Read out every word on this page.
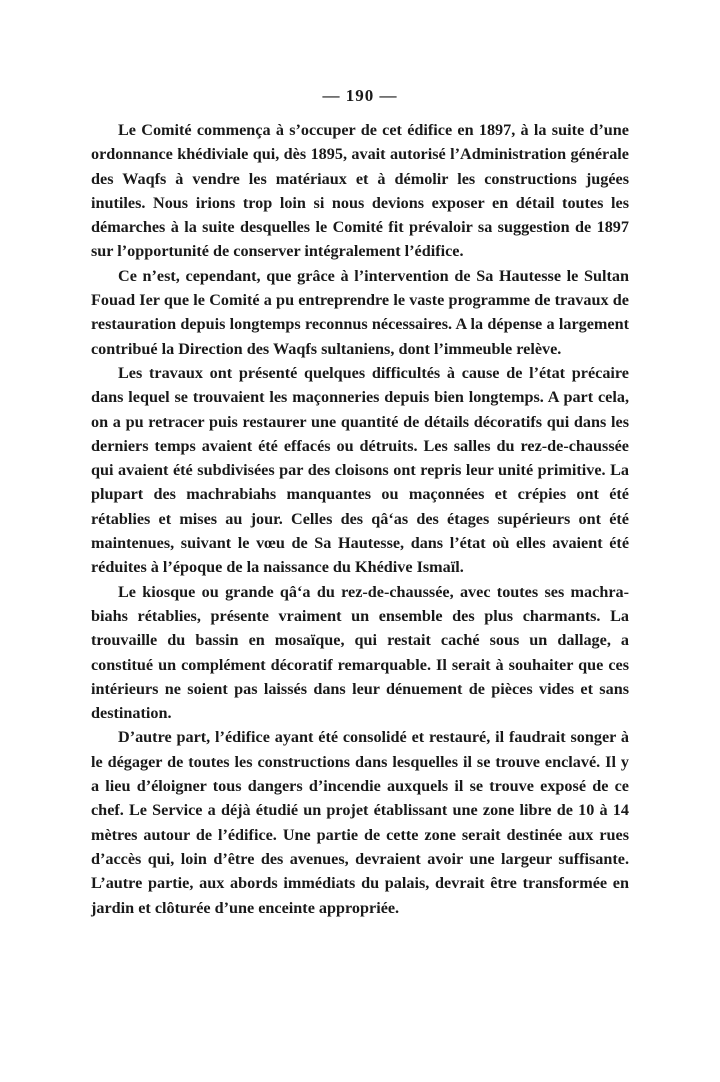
— 190 —

Le Comité commença à s’occuper de cet édifice en 1897, à la suite d’une ordonnance khédiviale qui, dès 1895, avait autorisé l’Administration générale des Waqfs à vendre les matériaux et à démolir les constructions jugées inutiles. Nous irions trop loin si nous devions exposer en détail toutes les démarches à la suite desquelles le Comité fit prévaloir sa suggestion de 1897 sur l’opportunité de conserver intégralement l’édifice.

Ce n’est, cependant, que grâce à l’intervention de Sa Hautesse le Sultan Fouad Ier que le Comité a pu entreprendre le vaste programme de travaux de restauration depuis longtemps reconnus nécessaires. A la dépense a largement contribué la Direction des Waqfs sultaniens, dont l’immeuble relève.

Les travaux ont présenté quelques difficultés à cause de l’état précaire dans lequel se trouvaient les maçonneries depuis bien longtemps. A part cela, on a pu retracer puis restaurer une quantité de détails décoratifs qui dans les derniers temps avaient été effacés ou détruits. Les salles du rez-de-chaussée qui avaient été subdivisées par des cloisons ont repris leur unité primitive. La plupart des machrabiahs manquantes ou maçonnées et crépies ont été rétablies et mises au jour. Celles des qâ‘as des étages supérieurs ont été maintenues, suivant le vœu de Sa Hautesse, dans l’état où elles avaient été réduites à l’époque de la naissance du Khédive Ismaïl.

Le kiosque ou grande qâ‘a du rez-de-chaussée, avec toutes ses machrabiahs rétablies, présente vraiment un ensemble des plus charmants. La trouvaille du bassin en mosaïque, qui restait caché sous un dallage, a constitué un complément décoratif remarquable. Il serait à souhaiter que ces intérieurs ne soient pas laissés dans leur dénuement de pièces vides et sans destination.

D’autre part, l’édifice ayant été consolidé et restauré, il faudrait songer à le dégager de toutes les constructions dans lesquelles il se trouve enclavé. Il y a lieu d’éloigner tous dangers d’incendie auxquels il se trouve exposé de ce chef. Le Service a déjà étudié un projet établissant une zone libre de 10 à 14 mètres autour de l’édifice. Une partie de cette zone serait destinée aux rues d’accès qui, loin d’être des avenues, devraient avoir une largeur suffisante. L’autre partie, aux abords immédiats du palais, devrait être transformée en jardin et clôturée d’une enceinte appropriée.
